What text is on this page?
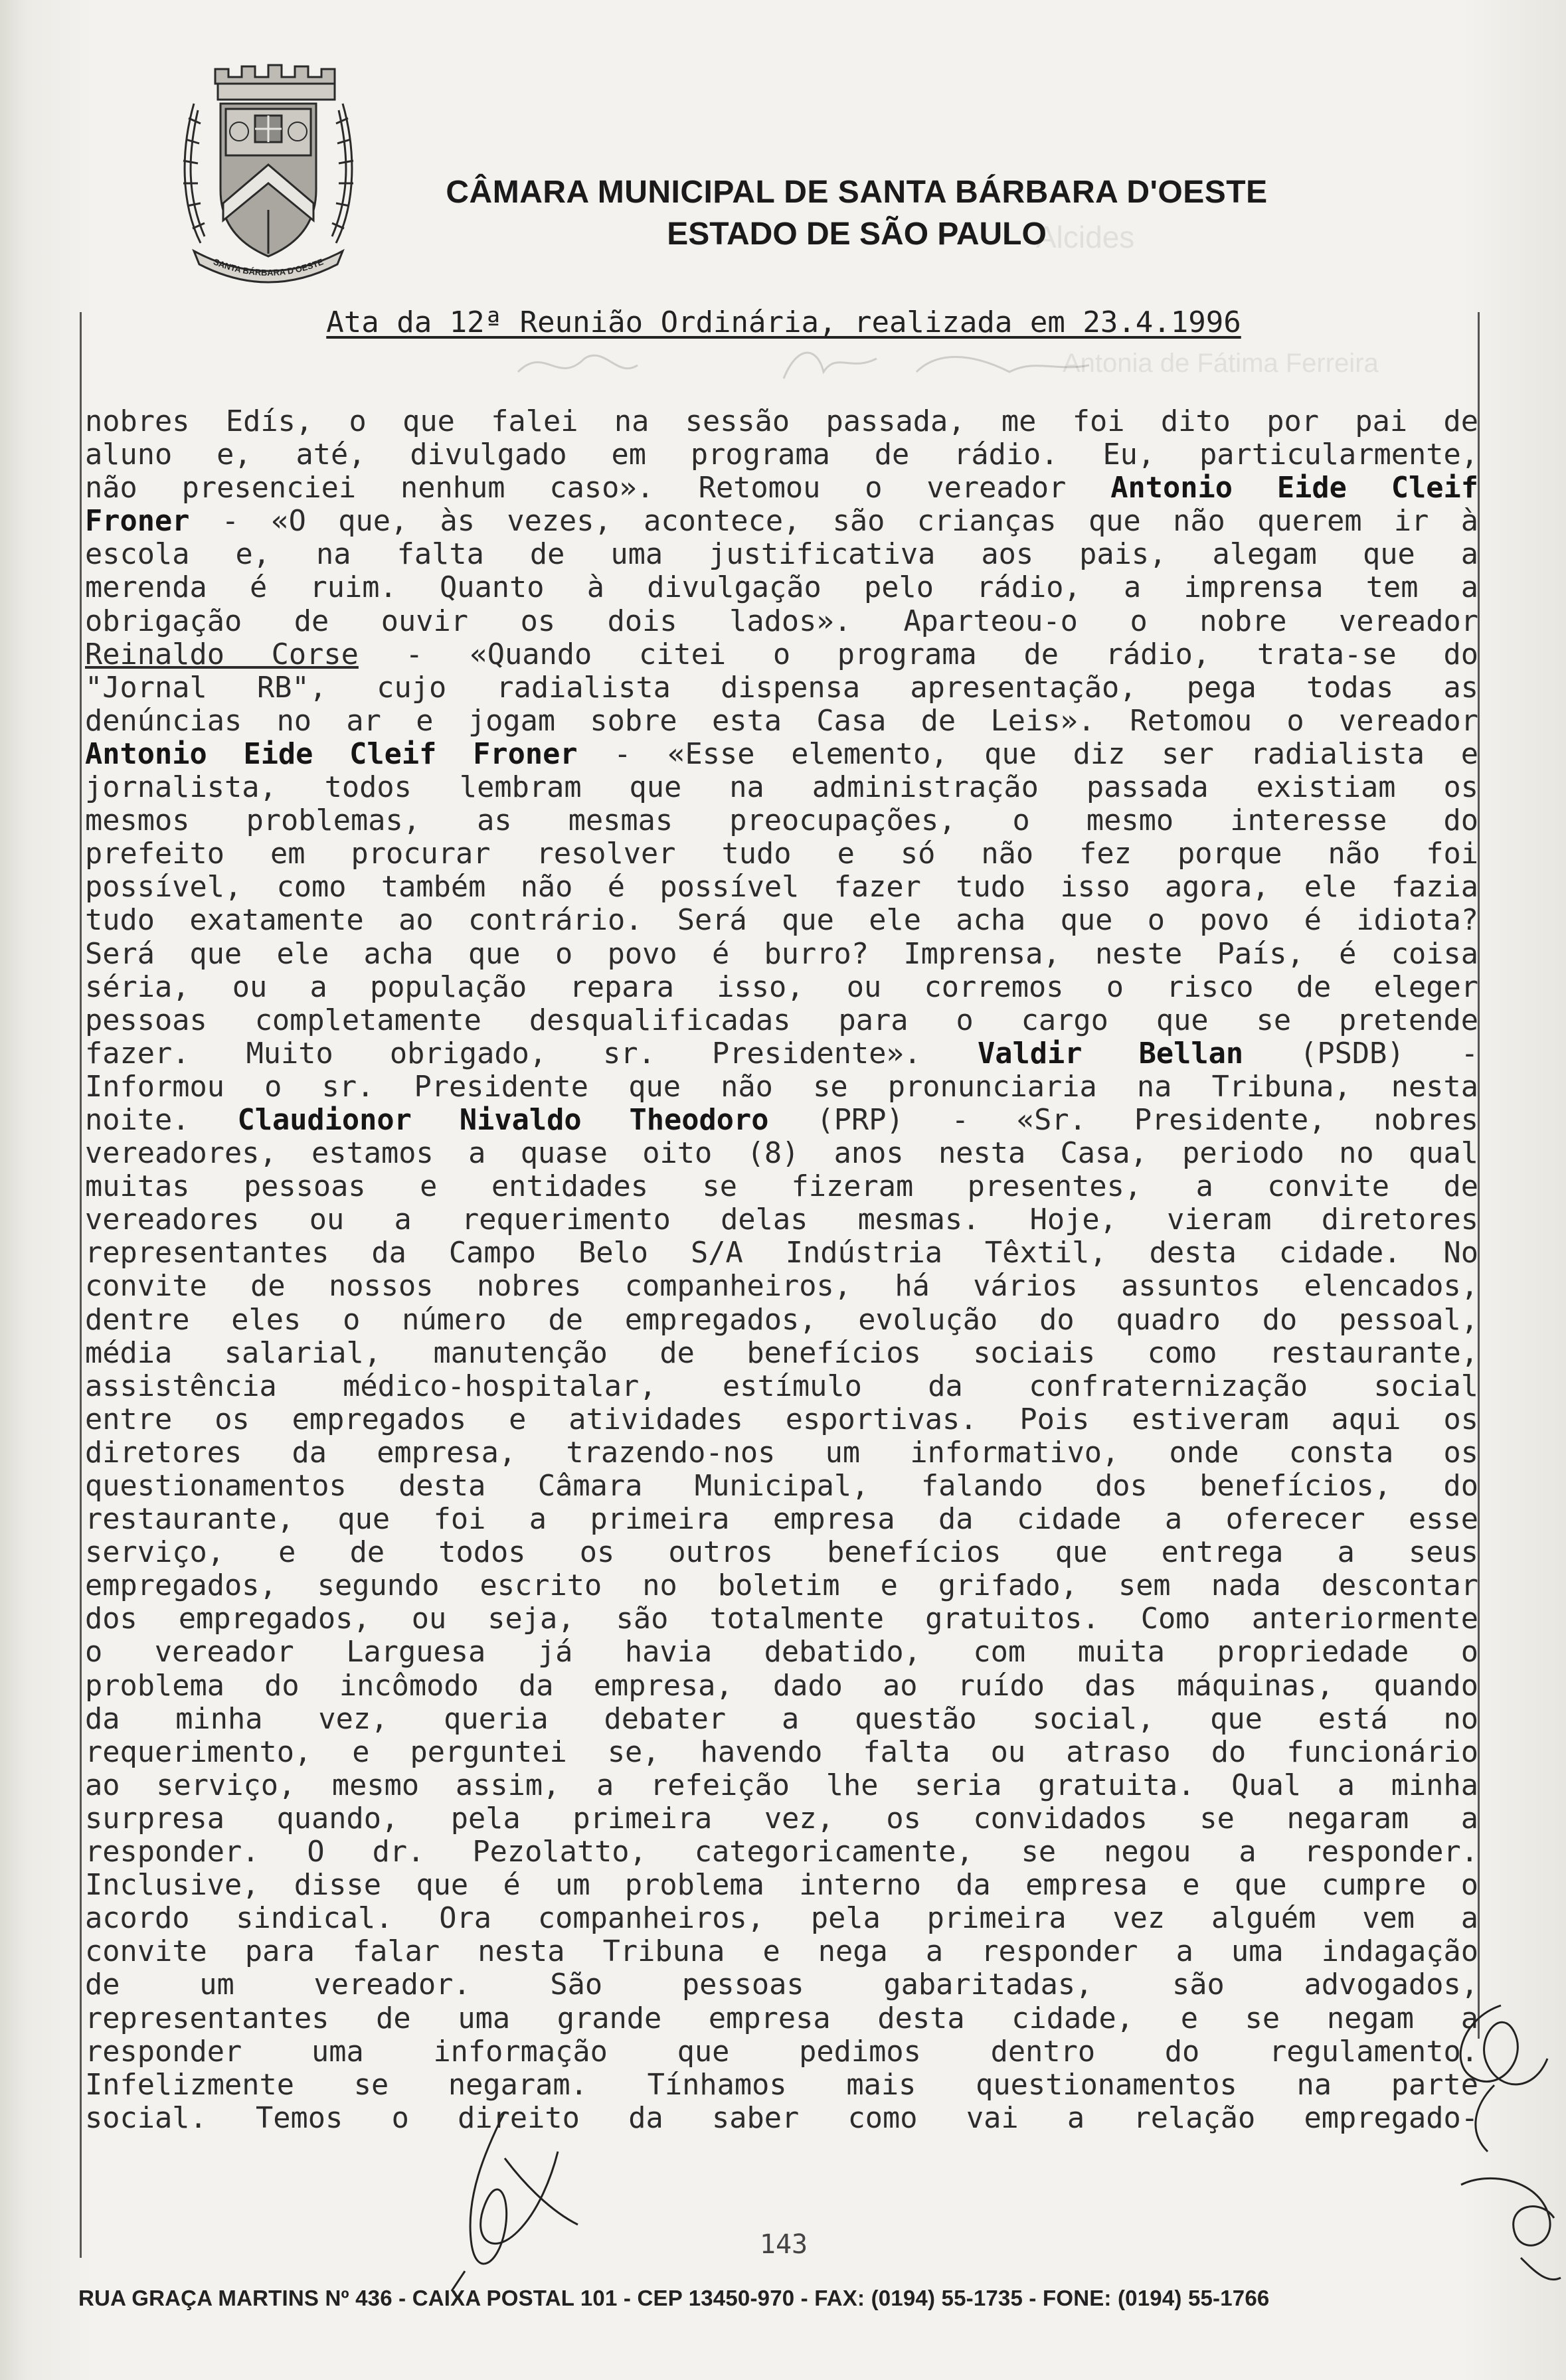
Alcides
Antonia de Fátima Ferreira
SANTA BÁRBARA D'OESTE
CÂMARA MUNICIPAL DE SANTA BÁRBARA D'OESTE
ESTADO DE SÃO PAULO
Ata da 12ª Reunião Ordinária, realizada em 23.4.1996
nobres Edís, o que falei na sessão passada, me foi dito por pai de
aluno e, até, divulgado em programa de rádio. Eu, particularmente,
não presenciei nenhum caso». Retomou o vereador Antonio Eide Cleif
Froner - «O que, às vezes, acontece, são crianças que não querem ir à
escola e, na falta de uma justificativa aos pais, alegam que a
merenda é ruim. Quanto à divulgação pelo rádio, a imprensa tem a
obrigação de ouvir os dois lados». Aparteou-o o nobre vereador
Reinaldo Corse - «Quando citei o programa de rádio, trata-se do
"Jornal RB", cujo radialista dispensa apresentação, pega todas as
denúncias no ar e jogam sobre esta Casa de Leis». Retomou o vereador
Antonio Eide Cleif Froner - «Esse elemento, que diz ser radialista e
jornalista, todos lembram que na administração passada existiam os
mesmos problemas, as mesmas preocupações, o mesmo interesse do
prefeito em procurar resolver tudo e só não fez porque não foi
possível, como também não é possível fazer tudo isso agora, ele fazia
tudo exatamente ao contrário. Será que ele acha que o povo é idiota?
Será que ele acha que o povo é burro? Imprensa, neste País, é coisa
séria, ou a população repara isso, ou corremos o risco de eleger
pessoas completamente desqualificadas para o cargo que se pretende
fazer. Muito obrigado, sr. Presidente». Valdir Bellan (PSDB) -
Informou o sr. Presidente que não se pronunciaria na Tribuna, nesta
noite. Claudionor Nivaldo Theodoro (PRP) - «Sr. Presidente, nobres
vereadores, estamos a quase oito (8) anos nesta Casa, periodo no qual
muitas pessoas e entidades se fizeram presentes, a convite de
vereadores ou a requerimento delas mesmas. Hoje, vieram diretores
representantes da Campo Belo S/A Indústria Têxtil, desta cidade. No
convite de nossos nobres companheiros, há vários assuntos elencados,
dentre eles o número de empregados, evolução do quadro do pessoal,
média salarial, manutenção de benefícios sociais como restaurante,
assistência médico-hospitalar, estímulo da confraternização social
entre os empregados e atividades esportivas. Pois estiveram aqui os
diretores da empresa, trazendo-nos um informativo, onde consta os
questionamentos desta Câmara Municipal, falando dos benefícios, do
restaurante, que foi a primeira empresa da cidade a oferecer esse
serviço, e de todos os outros benefícios que entrega a seus
empregados, segundo escrito no boletim e grifado, sem nada descontar
dos empregados, ou seja, são totalmente gratuitos. Como anteriormente
o vereador Larguesa já havia debatido, com muita propriedade o
problema do incômodo da empresa, dado ao ruído das máquinas, quando
da minha vez, queria debater a questão social, que está no
requerimento, e perguntei se, havendo falta ou atraso do funcionário
ao serviço, mesmo assim, a refeição lhe seria gratuita. Qual a minha
surpresa quando, pela primeira vez, os convidados se negaram a
responder. O dr. Pezolatto, categoricamente, se negou a responder.
Inclusive, disse que é um problema interno da empresa e que cumpre o
acordo sindical. Ora companheiros, pela primeira vez alguém vem a
convite para falar nesta Tribuna e nega a responder a uma indagação
de um vereador. São pessoas gabaritadas, são advogados,
representantes de uma grande empresa desta cidade, e se negam a
responder uma informação que pedimos dentro do regulamento.
Infelizmente se negaram. Tínhamos mais questionamentos na parte
social. Temos o direito da saber como vai a relação empregado-
143
RUA GRAÇA MARTINS Nº 436 - CAIXA POSTAL 101 - CEP 13450-970 - FAX: (0194) 55-1735 - FONE: (0194) 55-1766
